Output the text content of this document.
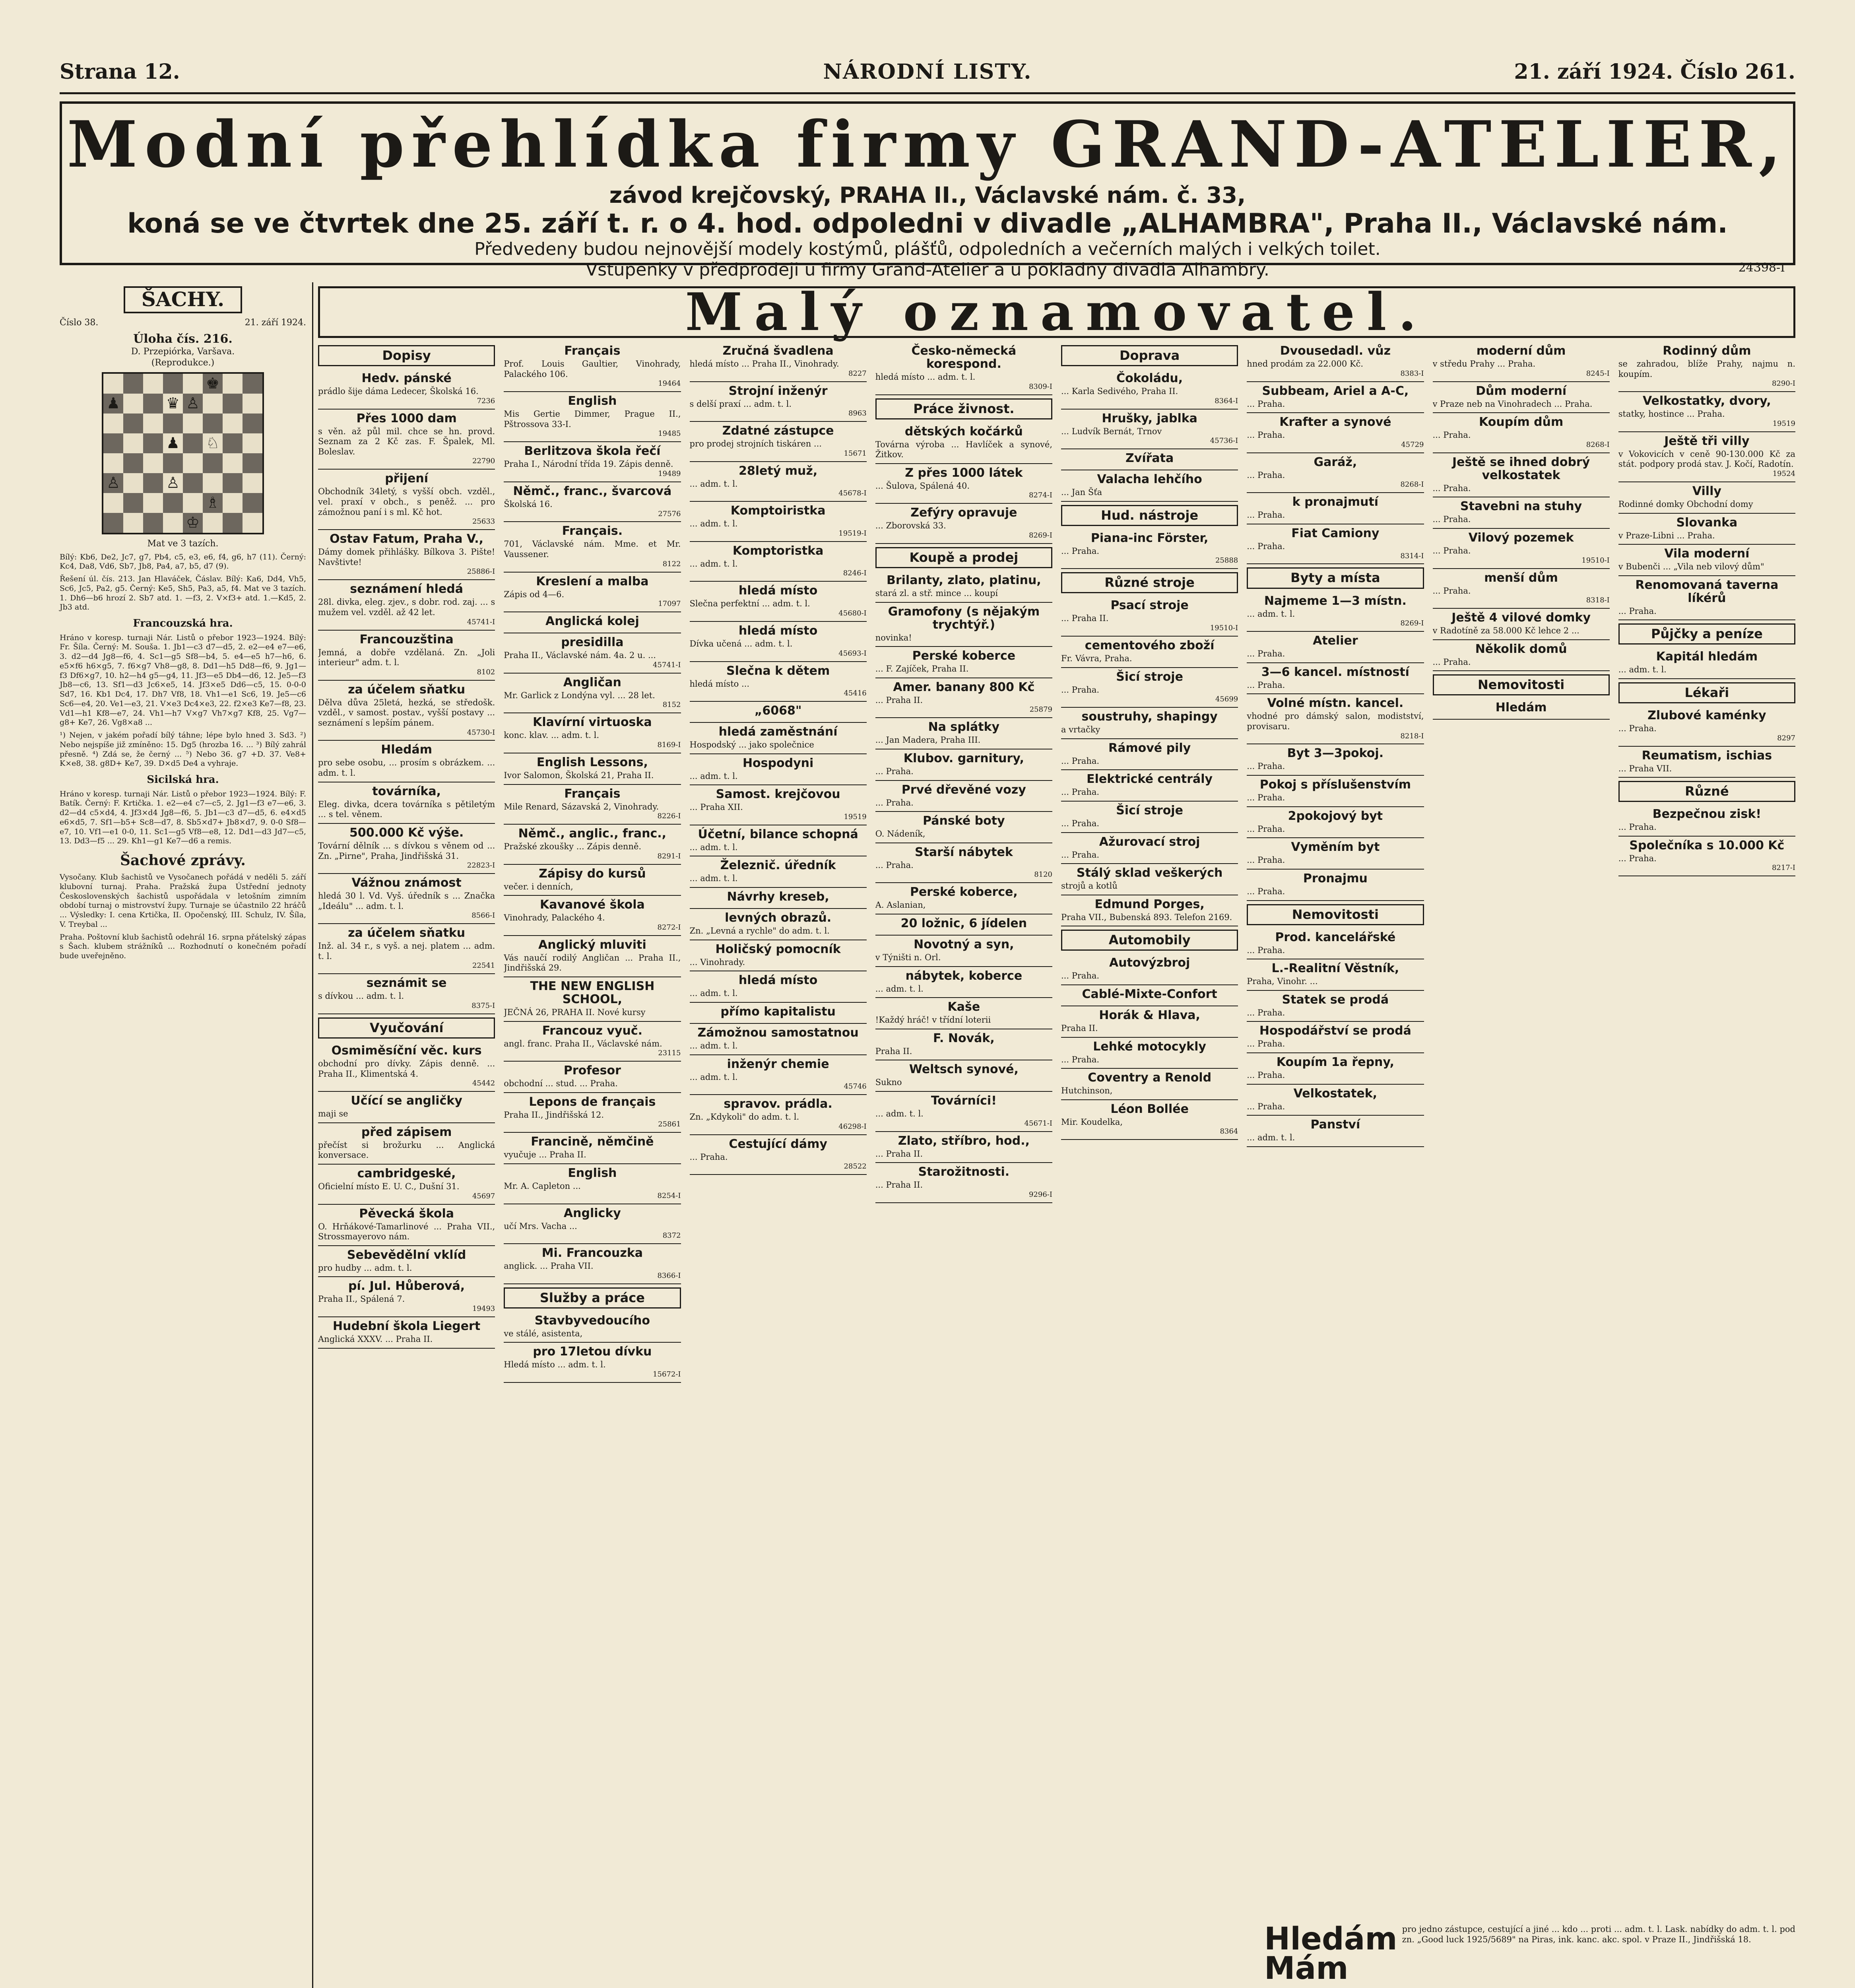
Strana 12.	NÁRODNÍ LISTY.	21. září 1924. Číslo 261.
Modní přehlídka firmy GRAND-ATELIER,
závod krejčovský, PRAHA II., Václavské nám. č. 33,
koná se ve čtvrtek dne 25. září t. r. o 4. hod. odpoledni v divadle „ALHAMBRA", Praha II., Václavské nám.
Předvedeny budou nejnovější modely kostýmů, plášťů, odpoledních a večerních malých i velkých toilet.
Vstupenky v předprodeji u firmy Grand-Atelier a u pokladny divadla Alhambry.	24398-I
ŠACHY.
Číslo 38.	21. září 1924.
Úloha čís. 216.
D. Przepiórka, Varšava.
(Reprodukce.)
♚
♟	♛ ♙
♟ ♘
♙	♙
♗
♔
Mat ve 3 tazích.
Bílý: Kb6, De2, Jc7, g7, Pb4, c5, e3, e6, f4, g6, h7 (11). Černý: Kc4, Da8, Vd6, Sb7, Jb8, Pa4, a7, b5, d7 (9).
Řešení úl. čís. 213. Jan Hlaváček, Čáslav. Bílý: Ka6, Dd4, Vh5, Sc6, Jc5, Pa2, g5. Černý: Ke5, Sh5, Pa3, a5, f4. Mat ve 3 tazích. 1. Dh6—b6 hrozí 2. Sb7 atd. 1. —f3, 2. V×f3+ atd. 1.—Kd5, 2. Jb3 atd.
Francouzská hra.
Hráno v koresp. turnaji Nár. Listů o přebor 1923—1924. Bílý: Fr. Šíla. Černý: M. Souša. 1. Jb1—c3 d7—d5, 2. e2—e4 e7—e6, 3. d2—d4 Jg8—f6, 4. Sc1—g5 Sf8—b4, 5. e4—e5 h7—h6, 6. e5×f6 h6×g5, 7. f6×g7 Vh8—g8, 8. Dd1—h5 Dd8—f6, 9. Jg1—f3 Df6×g7, 10. h2—h4 g5—g4, 11. Jf3—e5 Db4—d6, 12. Je5—f3 Jb8—c6, 13. Sf1—d3 Jc6×e5, 14. Jf3×e5 Dd6—c5, 15. 0-0-0 Sd7, 16. Kb1 Dc4, 17. Dh7 Vf8, 18. Vh1—e1 Sc6, 19. Je5—c6 Sc6—e4, 20. Ve1—e3, 21. V×e3 Dc4×e3, 22. f2×e3 Ke7—f8, 23. Vd1—h1 Kf8—e7, 24. Vh1—h7 V×g7 Vh7×g7 Kf8, 25. Vg7—g8+ Ke7, 26. Vg8×a8 ...
¹) Nejen, v jakém pořadí bílý táhne; lépe bylo hned 3. Sd3. ²) Nebo nejspíše již zmíněno: 15. Dg5 (hrozba 16. ... ³) Bílý zahrál přesně. ⁴) Zdá se, že černý ... ⁵) Nebo 36. g7 +D. 37. Ve8+ K×e8, 38. g8D+ Ke7, 39. D×d5 De4 a vyhraje.
Sicilská hra.
Hráno v koresp. turnaji Nár. Listů o přebor 1923—1924. Bílý: F. Batík. Černý: F. Krtička. 1. e2—e4 c7—c5, 2. Jg1—f3 e7—e6, 3. d2—d4 c5×d4, 4. Jf3×d4 Jg8—f6, 5. Jb1—c3 d7—d5, 6. e4×d5 e6×d5, 7. Sf1—b5+ Sc8—d7, 8. Sb5×d7+ Jb8×d7, 9. 0-0 Sf8—e7, 10. Vf1—e1 0-0, 11. Sc1—g5 Vf8—e8, 12. Dd1—d3 Jd7—c5, 13. Dd3—f5 ... 29. Kh1—g1 Ke7—d6 a remis.
Šachové zprávy.
Vysočany. Klub šachistů ve Vysočanech pořádá v neděli 5. září klubovní turnaj. Praha. Pražská župa Ústřední jednoty Československých šachistů uspořádala v letošním zimním období turnaj o mistrovství župy. Turnaje se účastnilo 22 hráčů ... Výsledky: I. cena Krtička, II. Opočenský, III. Schulz, IV. Šíla, V. Treybal ...
Praha. Poštovní klub šachistů odehrál 16. srpna přátelský zápas s Šach. klubem strážníků ... Rozhodnutí o konečném pořadí bude uveřejněno.
Malý oznamovatel.
Dopisy
Hedv. pánské
prádlo šije dáma Ledecer, Školská 16.
7236
Přes 1000 dam
s věn. až půl mil. chce se hn. provd. Seznam za 2 Kč zas. F. Špalek, Ml. Boleslav.
22790
přijení
Obchodník 34letý, s vyšší obch. vzděl., vel. praxí v obch., s peněž. ... pro zámožnou paní i s ml. Kč hot.
25633
Ostav Fatum, Praha V.,
Dámy domek přihlášky. Bílkova 3. Pište! Navštivte!
25886-I
seznámení hledá
28l. divka, eleg. zjev., s dobr. rod. zaj. ... s mužem vel. vzděl. až 42 let.
45741-I
Francouzština
Jemná, a dobře vzdělaná. Zn. „Joli interieur" adm. t. l.
8102
za účelem sňatku
Dělva důva 25letá, hezká, se středošk. vzděl., v samost. postav., vyšší postavy ... seznámení s lepším pánem.
45730-I
Hledám
pro sebe osobu, ... prosím s obrázkem. ... adm. t. l.
továrníka,
Eleg. divka, dcera továrníka s pětiletým ... s tel. věnem.
500.000 Kč výše.
Tovární dělník ... s dívkou s věnem od ... Zn. „Pirne", Praha, Jindřišská 31.
22823-I
Vážnou známost
hledá 30 l. Vd. Vyš. úředník s ... Značka „Ideálu" ... adm. t. l.
8566-I
za účelem sňatku
Inž. al. 34 r., s vyš. a nej. platem ... adm. t. l.
22541
seznámit se
s dívkou ... adm. t. l.
8375-I
Vyučování
Osmiměsíční věc. kurs
obchodní pro dívky. Zápis denně. ... Praha II., Klimentská 4.
45442
Učící se angličky
maji se
před zápisem
přečíst si brožurku ... Anglická konversace.
cambridgeské,
Oficielní místo E. U. C., Dušní 31.
45697
Pěvecká škola
O. Hrňákové-Tamarlinové ... Praha VII., Strossmayerovo nám.
Sebevědělní vklíd
pro hudby ... adm. t. l.
pí. Jul. Hůberová,
Praha II., Spálená 7.
19493
Hudební škola Liegert
Anglická XXXV. ... Praha II.
Français
Prof. Louis Gaultier, Vinohrady, Palackého 106.
19464
English
Mis Gertie Dimmer, Prague II., Pštrossova 33-I.
19485
Berlitzova škola řečí
Praha I., Národní třída 19. Zápis denně.
19489
Němč., franc., švarcová
Školská 16.
27576
Français.
701, Václavské nám. Mme. et Mr. Vaussener.
8122
Kreslení a malba
Zápis od 4—6.
17097
Anglická kolej
presidilla
Praha II., Václavské nám. 4a. 2 u. ...
45741-I
Angličan
Mr. Garlick z Londýna vyl. ... 28 let.
8152
Klavírní virtuoska
konc. klav. ... adm. t. l.
8169-I
English Lessons,
Ivor Salomon, Školská 21, Praha II.
Français
Mile Renard, Sázavská 2, Vinohrady.
8226-I
Němč., anglic., franc.,
Pražské zkoušky ... Zápis denně.
8291-I
Zápisy do kursů
večer. i denních,
Kavanové škola
Vinohrady, Palackého 4.
8272-I
Anglický mluviti
Vás naučí rodilý Angličan ... Praha II., Jindřišská 29.
THE NEW ENGLISH SCHOOL,
JEČNÁ 26, PRAHA II. Nové kursy
Francouz vyuč.
angl. franc. Praha II., Václavské nám.
23115
Profesor
obchodní ... stud. ... Praha.
Lepons de français
Praha II., Jindřišská 12.
25861
Francině, němčině
vyučuje ... Praha II.
English
Mr. A. Capleton ...
8254-I
Anglicky
učí Mrs. Vacha ...
8372
Mi. Francouzka
anglick. ... Praha VII.
8366-I
Služby a práce
Stavbyvedoucího
ve stálé, asistenta,
pro 17letou dívku
Hledá místo ... adm. t. l.
15672-I
Zručná švadlena
hledá místo ... Praha II., Vinohrady.
8227
Strojní inženýr
s delší praxí ... adm. t. l.
8963
Zdatné zástupce
pro prodej strojních tiskáren ...
15671
28letý muž,
... adm. t. l.
45678-I
Komptoiristka
... adm. t. l.
19519-I
Komptoristka
... adm. t. l.
8246-I
hledá místo
Slečna perfektní ... adm. t. l.
45680-I
hledá místo
Dívka učená ... adm. t. l.
45693-I
Slečna k dětem
hledá místo ...
45416
„6068"
hledá zaměstnání
Hospodský ... jako společnice
Hospodyni
... adm. t. l.
Samost. krejčovou
... Praha XII.
19519
Účetní, bilance schopná
... adm. t. l.
Železnič. úředník
... adm. t. l.
Návrhy kreseb,
levných obrazů.
Zn. „Levná a rychle" do adm. t. l.
Holičský pomocník
... Vinohrady.
hledá místo
... adm. t. l.
přímo kapitalistu
Zámožnou samostatnou
... adm. t. l.
inženýr chemie
... adm. t. l.
45746
spravov. prádla.
Zn. „Kdykoli" do adm. t. l.
46298-I
Cestující dámy
... Praha.
28522
Česko-německá korespond.
hledá místo ... adm. t. l.
8309-I
Práce živnost.
dětských kočárků
Továrna výroba ... Havlíček a synové, Žitkov.
Z přes 1000 látek
... Šulova, Spálená 40.
8274-I
Zefýry opravuje
... Zborovská 33.
8269-I
Koupě a prodej
Brilanty, zlato, platinu,
stará zl. a stř. mince ... koupí
Gramofony (s nějakým trychtýř.)
novinka!
Perské koberce
... F. Zajíček, Praha II.
Amer. banany 800 Kč
... Praha II.
25879
Na splátky
... Jan Madera, Praha III.
Klubov. garnitury,
... Praha.
Prvé dřevěné vozy
... Praha.
Pánské boty
O. Nádeník,
Starší nábytek
... Praha.
8120
Perské koberce,
A. Aslanian,
20 ložnic, 6 jídelen
Novotný a syn,
v Týništi n. Orl.
nábytek, koberce
... adm. t. l.
Kaše
!Každý hráč! v třídní loterii
F. Novák,
Praha II.
Weltsch synové,
Sukno
Továrníci!
... adm. t. l.
45671-I
Zlato, stříbro, hod.,
... Praha II.
Starožitnosti.
... Praha II.
9296-I
Doprava
Čokoládu,
... Karla Sedivého, Praha II.
8364-I
Hrušky, jablka
... Ludvík Bernát, Trnov
45736-I
Zvířata
Valacha lehčího
... Jan Šťa
Hud. nástroje
Piana-inc Förster,
... Praha.
25888
Různé stroje
Psací stroje
... Praha II.
19510-I
cementového zboží
Fr. Vávra, Praha.
Šicí stroje
... Praha.
45699
soustruhy, shapingy
a vrtačky
Rámové pily
... Praha.
Elektrické centrály
... Praha.
Šicí stroje
... Praha.
Ažurovací stroj
... Praha.
Stálý sklad veškerých
strojů a kotlů
Edmund Porges,
Praha VII., Bubenská 893. Telefon 2169.
Automobily
Autovýzbroj
... Praha.
Cablé-Mixte-Confort
Horák & Hlava,
Praha II.
Lehké motocykly
... Praha.
Coventry a Renold
Hutchinson,
Léon Bollée
Mir. Koudelka,
8364
Dvousedadl. vůz
hned prodám za 22.000 Kč.
8383-I
Subbeam, Ariel a A-C,
... Praha.
Krafter a synové
... Praha.
45729
Garáž,
... Praha.
8268-I
k pronajmutí
... Praha.
Fiat Camiony
... Praha.
8314-I
Byty a místa
Najmeme 1—3 místn.
... adm. t. l.
8269-I
Atelier
... Praha.
3—6 kancel. místností
... Praha.
Volné místn. kancel.
vhodné pro dámský salon, modistství, provisaru.
8218-I
Byt 3—3pokoj.
... Praha.
Pokoj s příslušenstvím
... Praha.
2pokojový byt
... Praha.
Vyměním byt
... Praha.
Pronajmu
... Praha.
Nemovitosti
Prod. kancelářské
... Praha.
L.-Realitní Věstník,
Praha, Vinohr. ...
Statek se prodá
... Praha.
Hospodářství se prodá
... Praha.
Koupím 1a řepny,
... Praha.
Velkostatek,
... Praha.
Panství
... adm. t. l.
moderní dům
v středu Prahy ... Praha.
8245-I
Dům moderní
v Praze neb na Vinohradech ... Praha.
Koupím dům
... Praha.
8268-I
Ještě se ihned dobrý velkostatek
... Praha.
Stavebni na stuhy
... Praha.
Vilový pozemek
... Praha.
19510-I
menší dům
... Praha.
8318-I
Ještě 4 vilové domky
v Radotíně za 58.000 Kč lehce 2 ...
Několik domů
... Praha.
Nemovitosti
Hledám
Rodinný dům
se zahradou, blíže Prahy, najmu n. koupím.
8290-I
Velkostatky, dvory,
statky, hostince ... Praha.
19519
Ještě tři villy
v Vokovicích v ceně 90-130.000 Kč za stát. podpory prodá stav. J. Kočí, Radotín.
19524
Villy
Rodinné domky Obchodní domy
Slovanka
v Praze-Libni ... Praha.
Vila moderní
v Bubenči ... „Vila neb vilový dům"
Renomovaná taverna líkérů
... Praha.
Půjčky a peníze
Kapitál hledám
... adm. t. l.
Lékaři
Zlubové kaménky
... Praha.
8297
Reumatism, ischias
... Praha VII.
Různé
Bezpečnou zisk!
... Praha.
Společníka s 10.000 Kč
... Praha.
8217-I
Hledám
Mám
pro jedno zástupce, cestující a jiné ... kdo ... proti ... adm. t. l. Lask. nabídky do adm. t. l. pod zn. „Good luck 1925/5689" na Piras, ink. kanc. akc. spol. v Praze II., Jindřišská 18.
